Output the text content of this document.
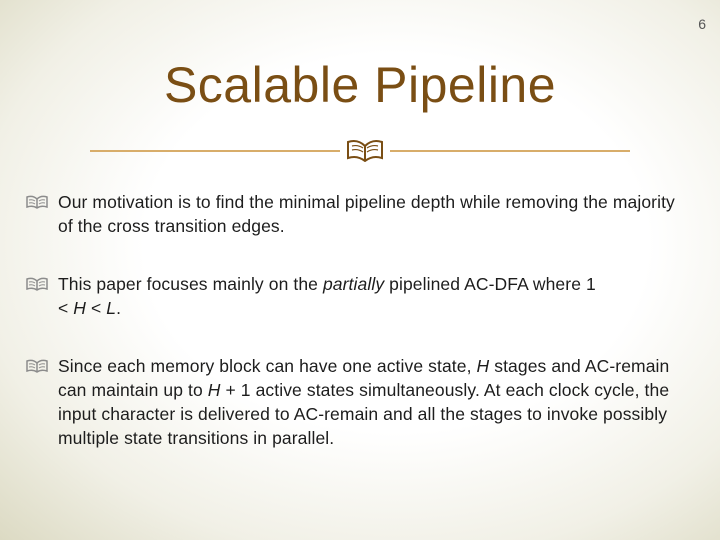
6
Scalable Pipeline
Our motivation is to find the minimal pipeline depth while removing the majority of the cross transition edges.
This paper focuses mainly on the partially pipelined AC-DFA where 1
< H < L.
Since each memory block can have one active state, H stages and AC-remain can maintain up to H + 1 active states simultaneously. At each clock cycle, the input character is delivered to AC-remain and all the stages to invoke possibly multiple state transitions in parallel.
